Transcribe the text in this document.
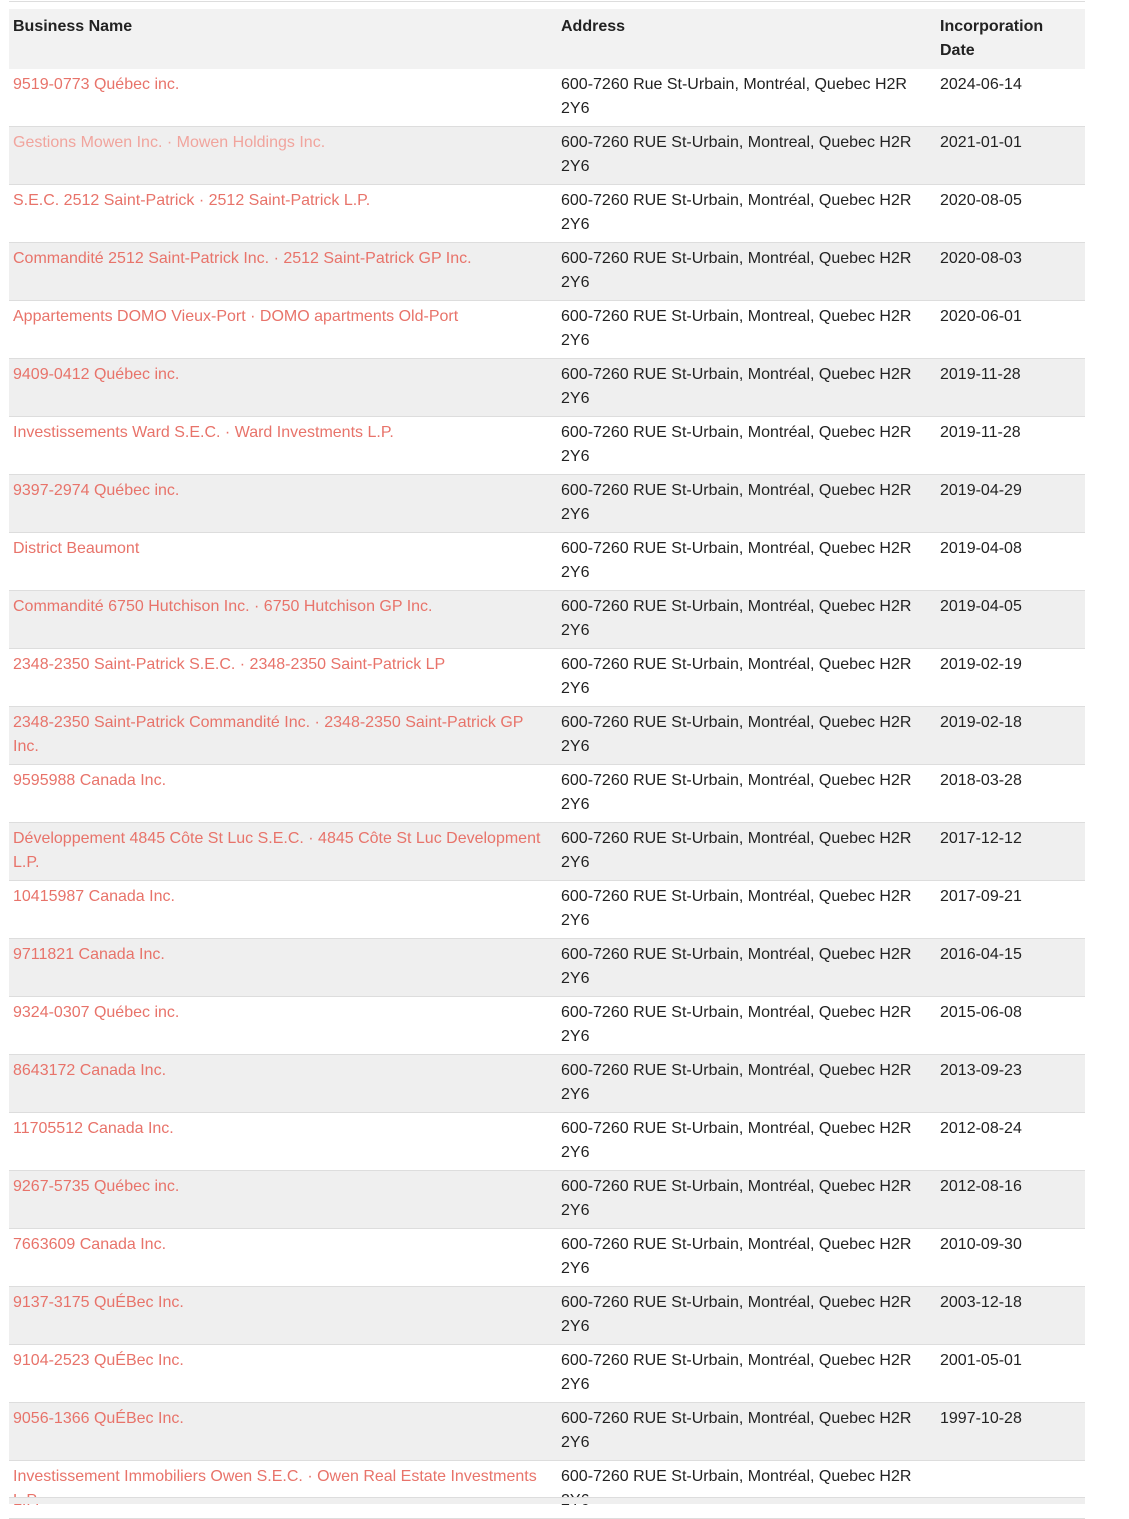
Business Name	Address	Incorporation Date
9519-0773 Québec inc.	600-7260 Rue St-Urbain, Montréal, Quebec H2R 2Y6	2024-06-14
Gestions Mowen Inc. · Mowen Holdings Inc.	600-7260 RUE St-Urbain, Montreal, Quebec H2R 2Y6	2021-01-01
S.E.C. 2512 Saint-Patrick · 2512 Saint-Patrick L.P.	600-7260 RUE St-Urbain, Montréal, Quebec H2R 2Y6	2020-08-05
Commandité 2512 Saint-Patrick Inc. · 2512 Saint-Patrick GP Inc.	600-7260 RUE St-Urbain, Montréal, Quebec H2R 2Y6	2020-08-03
Appartements DOMO Vieux-Port · DOMO apartments Old-Port	600-7260 RUE St-Urbain, Montreal, Quebec H2R 2Y6	2020-06-01
9409-0412 Québec inc.	600-7260 RUE St-Urbain, Montréal, Quebec H2R 2Y6	2019-11-28
Investissements Ward S.E.C. · Ward Investments L.P.	600-7260 RUE St-Urbain, Montréal, Quebec H2R 2Y6	2019-11-28
9397-2974 Québec inc.	600-7260 RUE St-Urbain, Montréal, Quebec H2R 2Y6	2019-04-29
District Beaumont	600-7260 RUE St-Urbain, Montréal, Quebec H2R 2Y6	2019-04-08
Commandité 6750 Hutchison Inc. · 6750 Hutchison GP Inc.	600-7260 RUE St-Urbain, Montréal, Quebec H2R 2Y6	2019-04-05
2348-2350 Saint-Patrick S.E.C. · 2348-2350 Saint-Patrick LP	600-7260 RUE St-Urbain, Montréal, Quebec H2R 2Y6	2019-02-19
2348-2350 Saint-Patrick Commandité Inc. · 2348-2350 Saint-Patrick GP Inc.	600-7260 RUE St-Urbain, Montréal, Quebec H2R 2Y6	2019-02-18
9595988 Canada Inc.	600-7260 RUE St-Urbain, Montréal, Quebec H2R 2Y6	2018-03-28
Développement 4845 Côte St Luc S.E.C. · 4845 Côte St Luc Development L.P.	600-7260 RUE St-Urbain, Montréal, Quebec H2R 2Y6	2017-12-12
10415987 Canada Inc.	600-7260 RUE St-Urbain, Montréal, Quebec H2R 2Y6	2017-09-21
9711821 Canada Inc.	600-7260 RUE St-Urbain, Montréal, Quebec H2R 2Y6	2016-04-15
9324-0307 Québec inc.	600-7260 RUE St-Urbain, Montréal, Quebec H2R 2Y6	2015-06-08
8643172 Canada Inc.	600-7260 RUE St-Urbain, Montréal, Quebec H2R 2Y6	2013-09-23
11705512 Canada Inc.	600-7260 RUE St-Urbain, Montréal, Quebec H2R 2Y6	2012-08-24
9267-5735 Québec inc.	600-7260 RUE St-Urbain, Montréal, Quebec H2R 2Y6	2012-08-16
7663609 Canada Inc.	600-7260 RUE St-Urbain, Montréal, Quebec H2R 2Y6	2010-09-30
9137-3175 QuÉBec Inc.	600-7260 RUE St-Urbain, Montréal, Quebec H2R 2Y6	2003-12-18
9104-2523 QuÉBec Inc.	600-7260 RUE St-Urbain, Montréal, Quebec H2R 2Y6	2001-05-01
9056-1366 QuÉBec Inc.	600-7260 RUE St-Urbain, Montréal, Quebec H2R 2Y6	1997-10-28
Investissement Immobiliers Owen S.E.C. · Owen Real Estate Investments	600-7260 RUE St-Urbain, Montréal, Quebec H2R	
